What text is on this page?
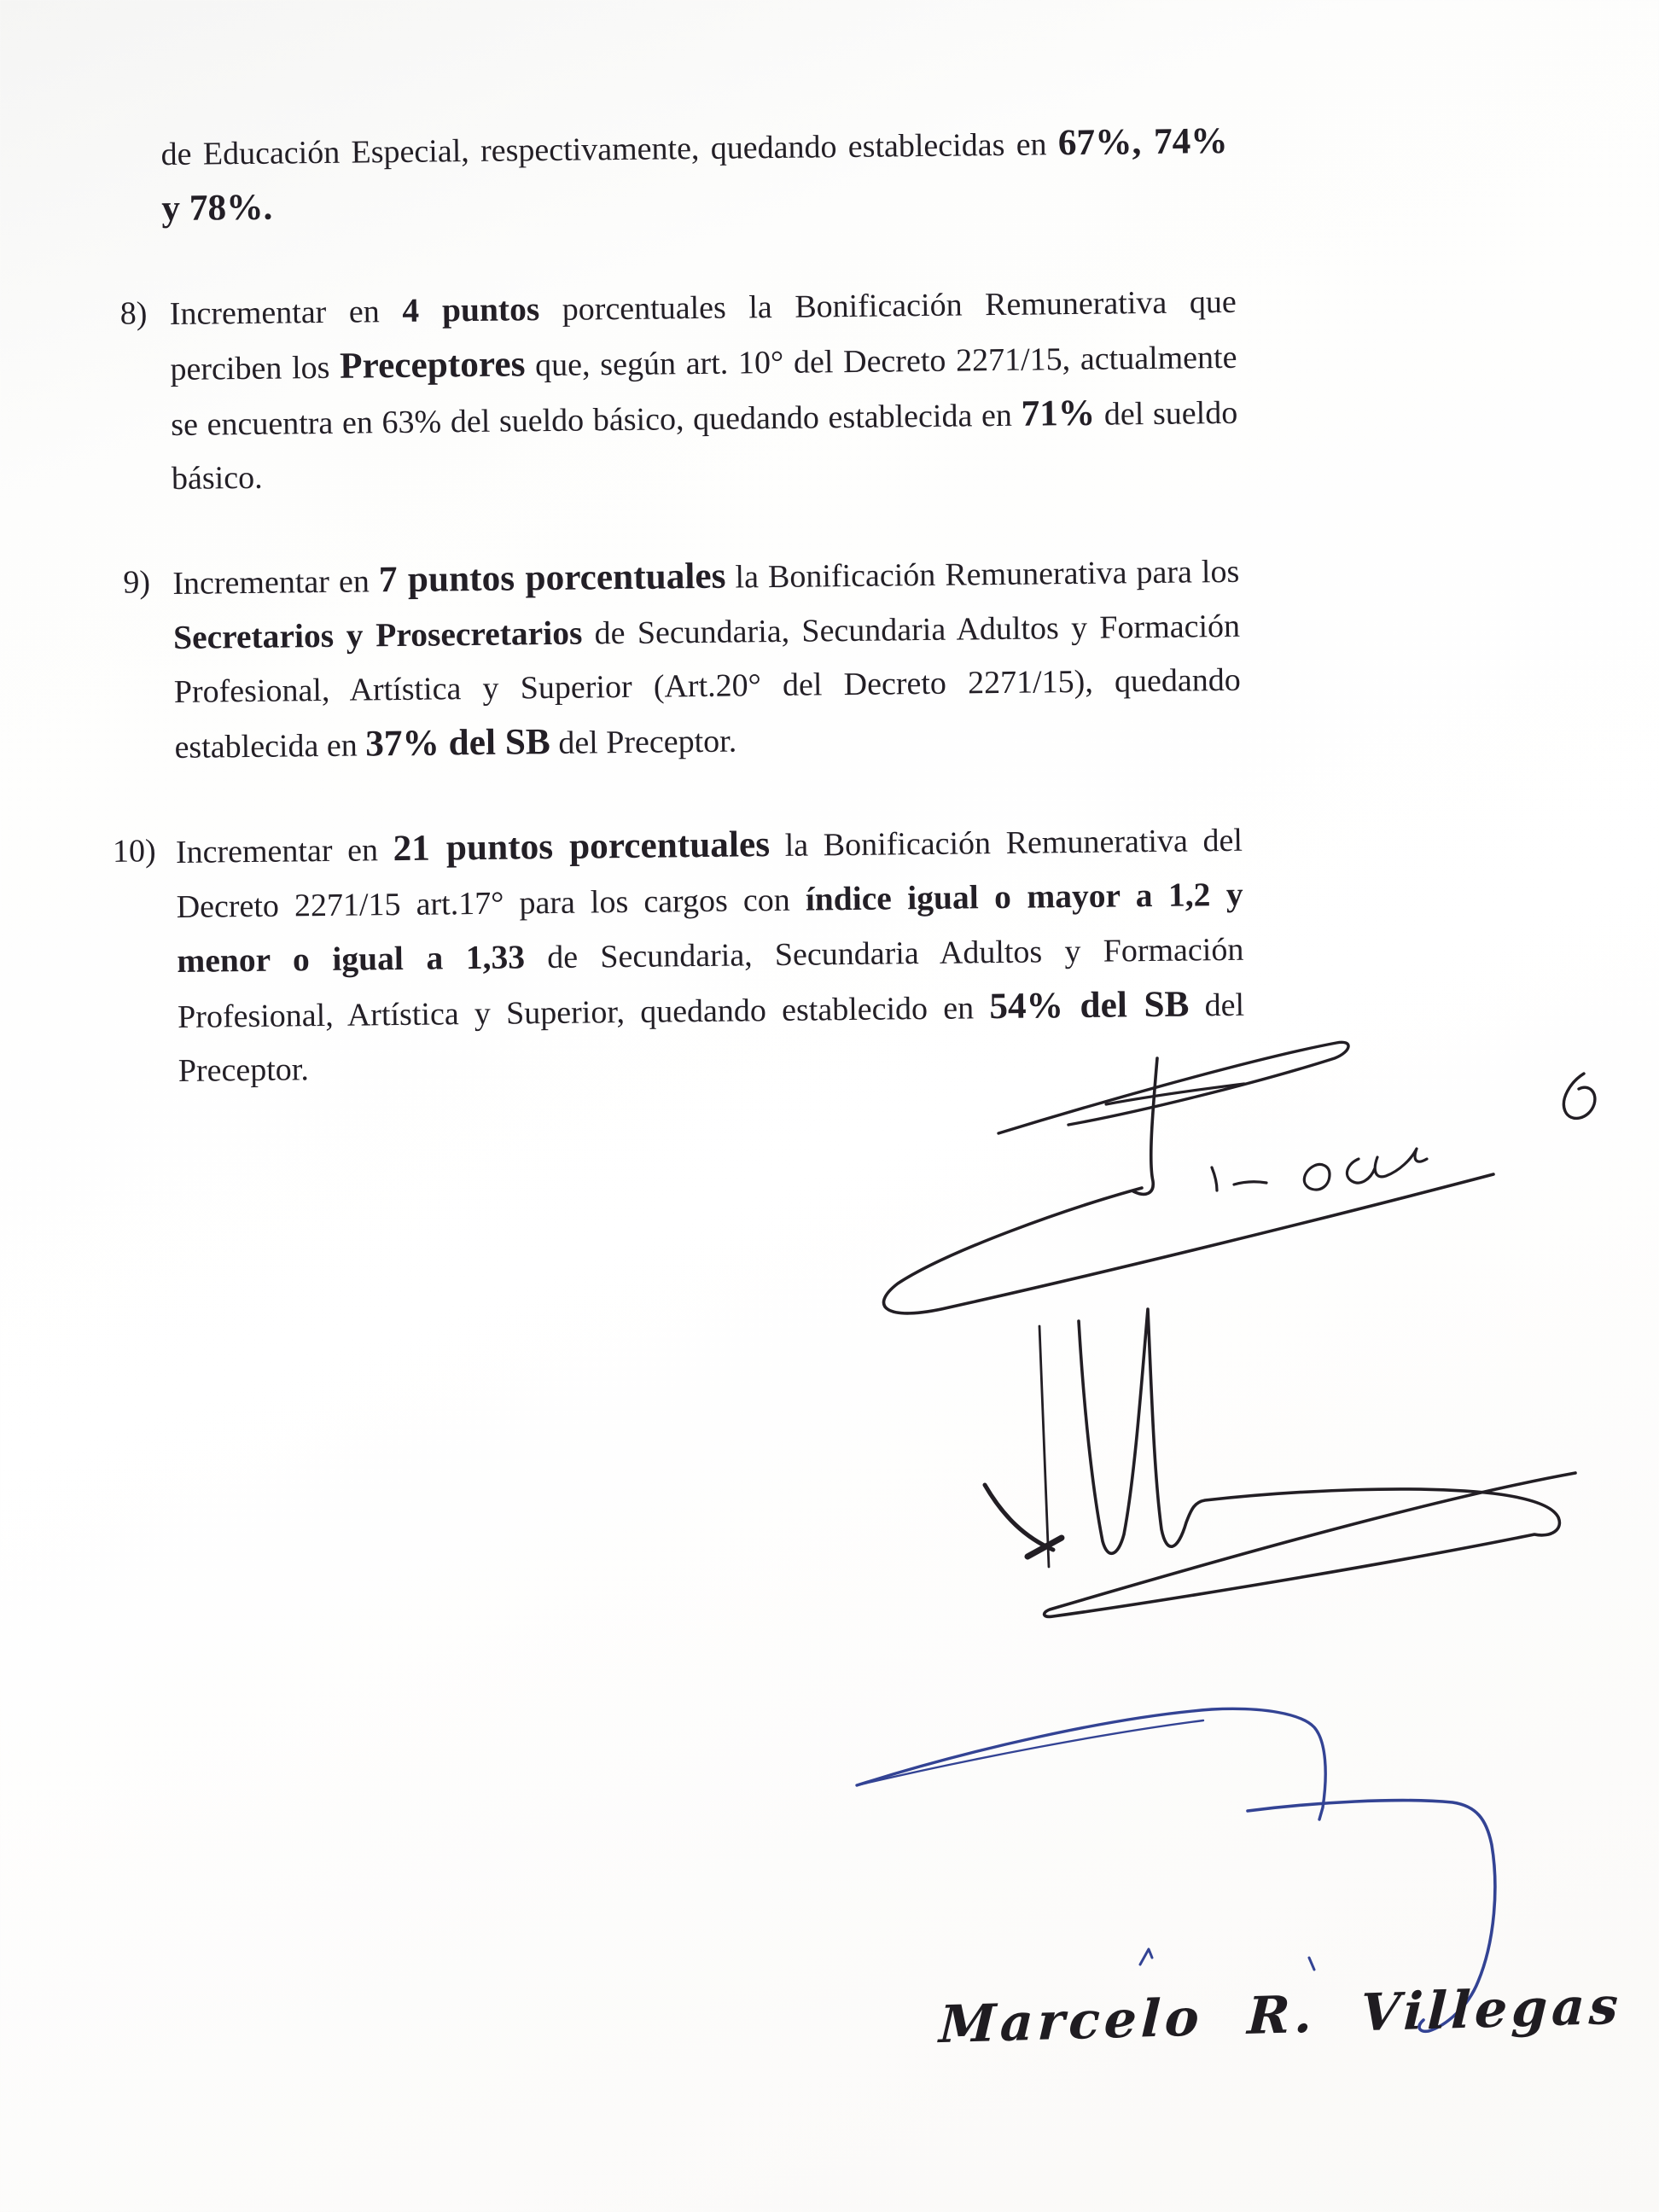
de Educación Especial, respectivamente, quedando establecidas en 67%, 74% y 78%.

8) Incrementar en 4 puntos porcentuales la Bonificación Remunerativa que perciben los Preceptores que, según art. 10° del Decreto 2271/15, actualmente se encuentra en 63% del sueldo básico, quedando establecida en 71% del sueldo básico.

9) Incrementar en 7 puntos porcentuales la Bonificación Remunerativa para los Secretarios y Prosecretarios de Secundaria, Secundaria Adultos y Formación Profesional, Artística y Superior (Art.20° del Decreto 2271/15), quedando establecida en 37% del SB del Preceptor.

10) Incrementar en 21 puntos porcentuales la Bonificación Remunerativa del Decreto 2271/15 art.17° para los cargos con índice igual o mayor a 1,2 y menor o igual a 1,33 de Secundaria, Secundaria Adultos y Formación Profesional, Artística y Superior, quedando establecido en 54% del SB del Preceptor.

Marcelo R. Villegas
